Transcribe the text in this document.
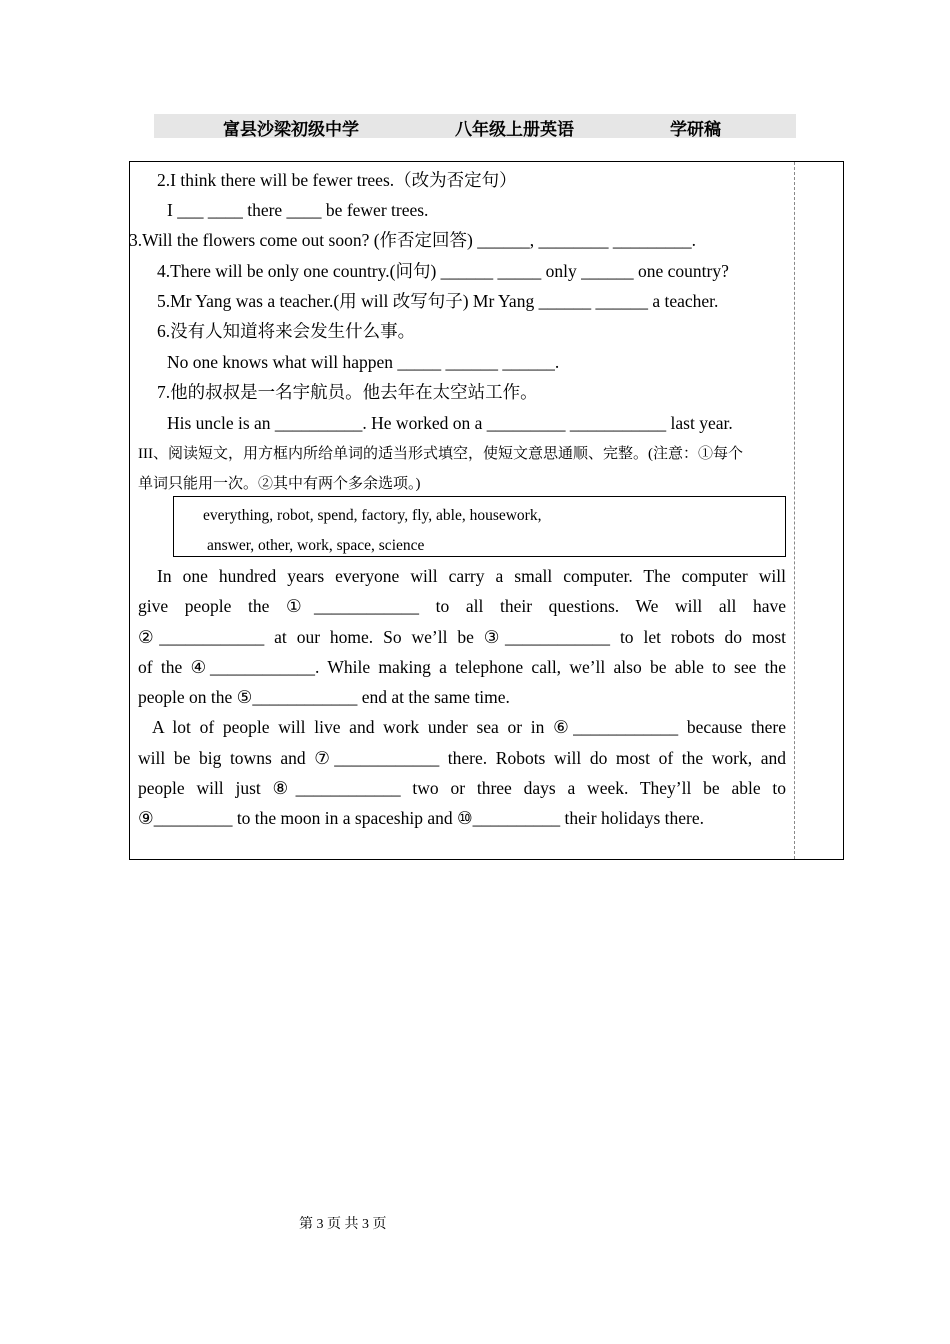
富县沙梁初级中学	八年级上册英语	学研稿
2.I think there will be fewer trees.（改为否定句）
I ___ ____ there ____ be fewer trees.
3.Will the flowers come out soon? (作否定回答) ______, ________ _________.
4.There will be only one country.(问句) ______ _____ only ______ one country?
5.Mr Yang was a teacher.(用 will 改写句子) Mr Yang ______ ______ a teacher.
6.没有人知道将来会发生什么事。
No one knows what will happen _____ ______ ______.
7.他的叔叔是一名宇航员。他去年在太空站工作。
His uncle is an __________. He worked on a _________ ___________ last year.
III、阅读短文，用方框内所给单词的适当形式填空，使短文意思通顺、完整。(注意：①每个
单词只能用一次。②其中有两个多余选项。)
everything, robot, spend, factory, fly, able, housework,
answer, other, work, space, science
In one hundred years everyone will carry a small computer. The computer will
give people the ①____________ to all their questions. We will all have
②____________ at our home. So we’ll be ③____________ to let robots do most
of the ④____________. While making a telephone call, we’ll also be able to see the
people on the ⑤____________ end at the same time.
A lot of people will live and work under sea or in ⑥____________ because there
will be big towns and ⑦____________ there. Robots will do most of the work, and
people will just ⑧____________ two or three days a week. They’ll be able to
⑨_________ to the moon in a spaceship and ⑩__________ their holidays there.
第 3 页 共 3 页
